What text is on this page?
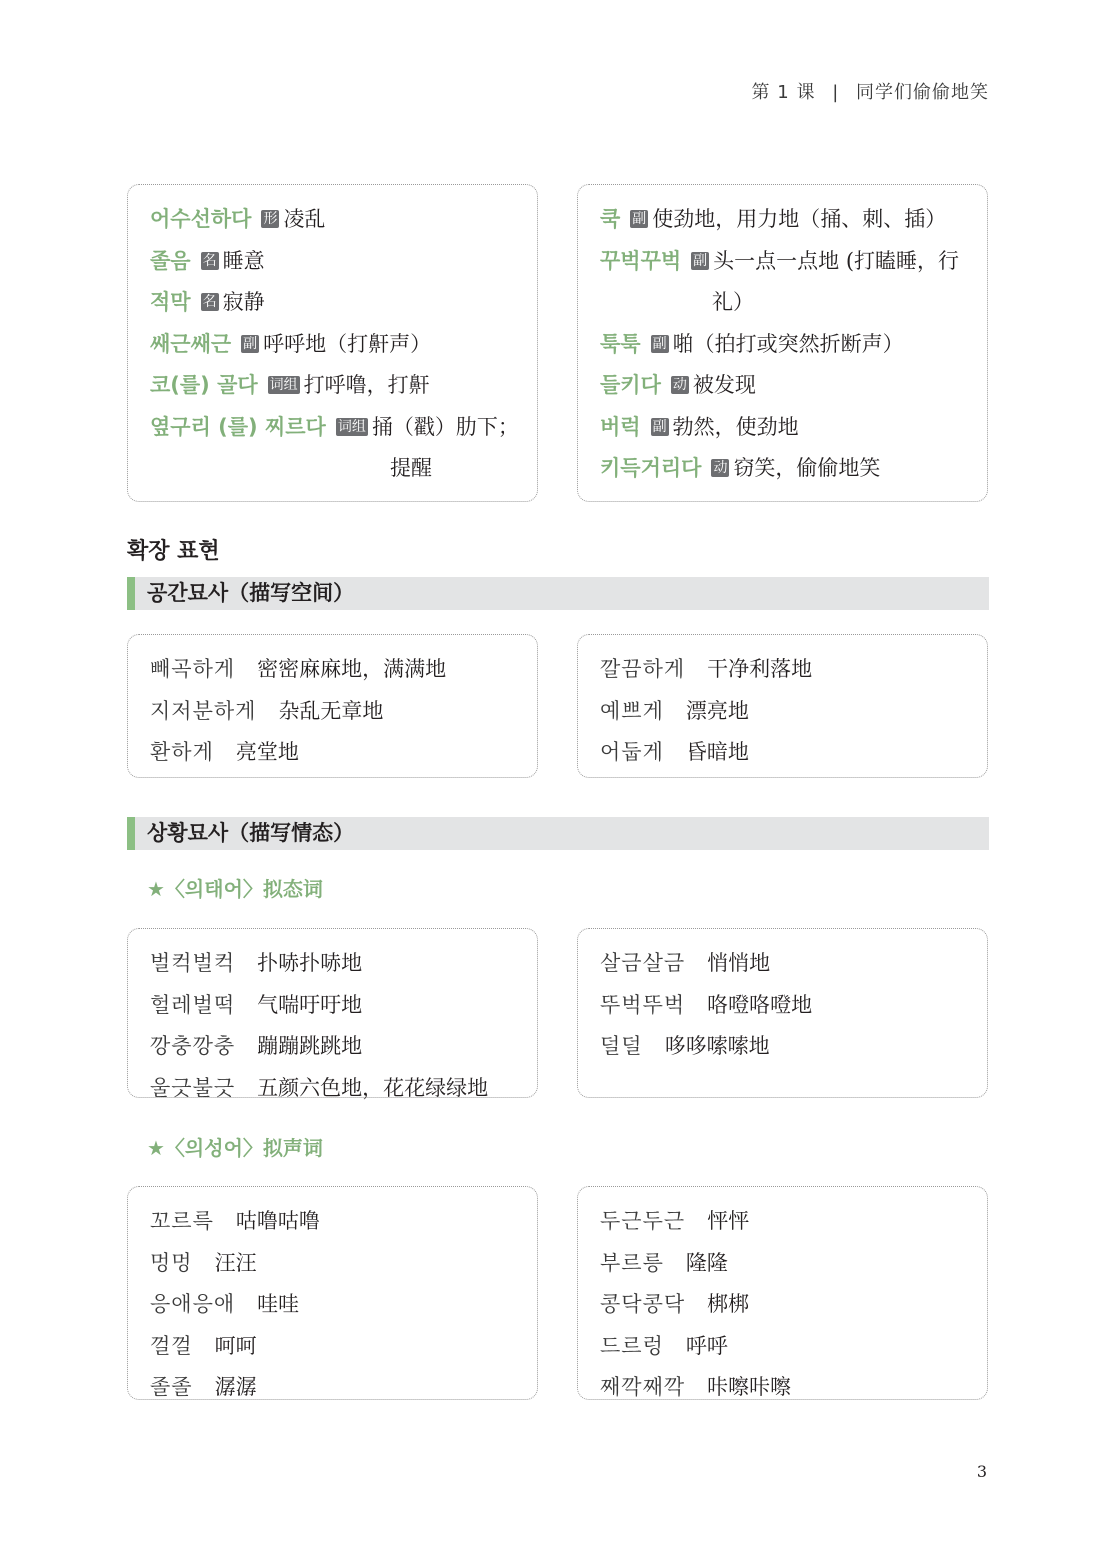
第 1 课 | 同学们偷偷地笑
어수선하다 形 凌乱
졸음 名 睡意
적막 名 寂静
쌔근쌔근 副 呼呼地（打鼾声）
코(를) 골다 词组 打呼噜，打鼾
옆구리 (를) 찌르다 词组 捅（戳）肋下；
提醒
쿡 副 使劲地，用力地（捅、刺、插）
꾸벅꾸벅 副 头一点一点地 (打瞌睡，行
礼）
툭툭 副 啪（拍打或突然折断声）
들키다 动 被发现
버럭 副 勃然，使劲地
키득거리다 动 窃笑，偷偷地笑
확장 표현
공간묘사（描写空间）
빼곡하게 密密麻麻地，满满地
지저분하게 杂乱无章地
환하게 亮堂地
깔끔하게 干净利落地
예쁘게 漂亮地
어둡게 昏暗地
상황묘사（描写情态）
★〈의태어〉拟态词
벌컥벌컥 扑哧扑哧地
헐레벌떡 气喘吁吁地
깡충깡충 蹦蹦跳跳地
울긋불긋 五颜六色地，花花绿绿地
살금살금 悄悄地
뚜벅뚜벅 咯噔咯噔地
덜덜 哆哆嗦嗦地
★〈의성어〉拟声词
꼬르륵 咕噜咕噜
멍멍 汪汪
응애응애 哇哇
껄껄 呵呵
졸졸 潺潺
두근두근 怦怦
부르릉 隆隆
콩닥콩닥 梆梆
드르렁 呼呼
째깍째깍 咔嚓咔嚓
3
